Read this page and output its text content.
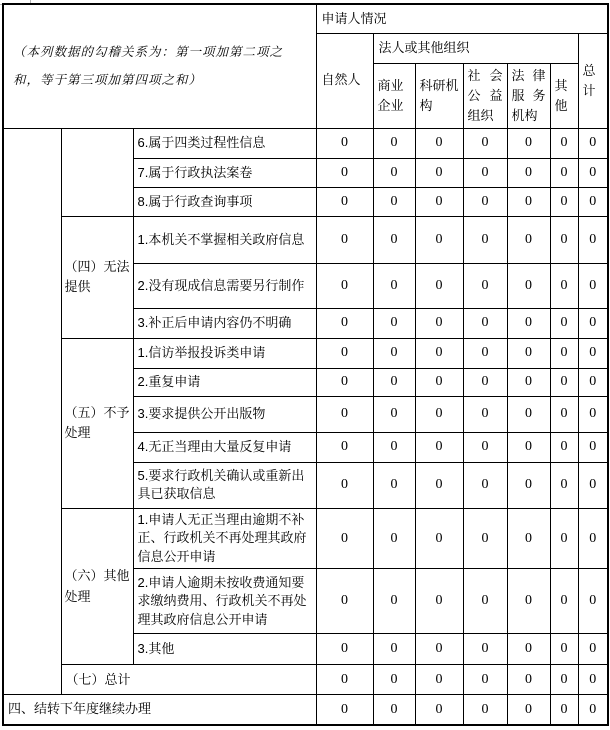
（本列数据的勾稽关系为：第一项加第二项之和，等于第三项加第四项之和）			申请人情况						
			自然人	法人或其他组织					总计
				商业企业	科研机构	社会公益组织	法律服务机构	其他	
		6.属于四类过程性信息	0	0	0	0	0	0	0
		7.属于行政执法案卷	0	0	0	0	0	0	0
		8.属于行政查询事项	0	0	0	0	0	0	0
	（四）无法提供	1.本机关不掌握相关政府信息	0	0	0	0	0	0	0
		2.没有现成信息需要另行制作	0	0	0	0	0	0	0
		3.补正后申请内容仍不明确	0	0	0	0	0	0	0
	（五）不予处理	1.信访举报投诉类申请	0	0	0	0	0	0	0
		2.重复申请	0	0	0	0	0	0	0
		3.要求提供公开出版物	0	0	0	0	0	0	0
		4.无正当理由大量反复申请	0	0	0	0	0	0	0
		5.要求行政机关确认或重新出具已获取信息	0	0	0	0	0	0	0
	（六）其他处理	1.申请人无正当理由逾期不补正、行政机关不再处理其政府信息公开申请	0	0	0	0	0	0	0
		2.申请人逾期未按收费通知要求缴纳费用、行政机关不再处理其政府信息公开申请	0	0	0	0	0	0	0
		3.其他	0	0	0	0	0	0	0
	（七）总计		0	0	0	0	0	0	0
四、结转下年度继续办理			0	0	0	0	0	0	0
